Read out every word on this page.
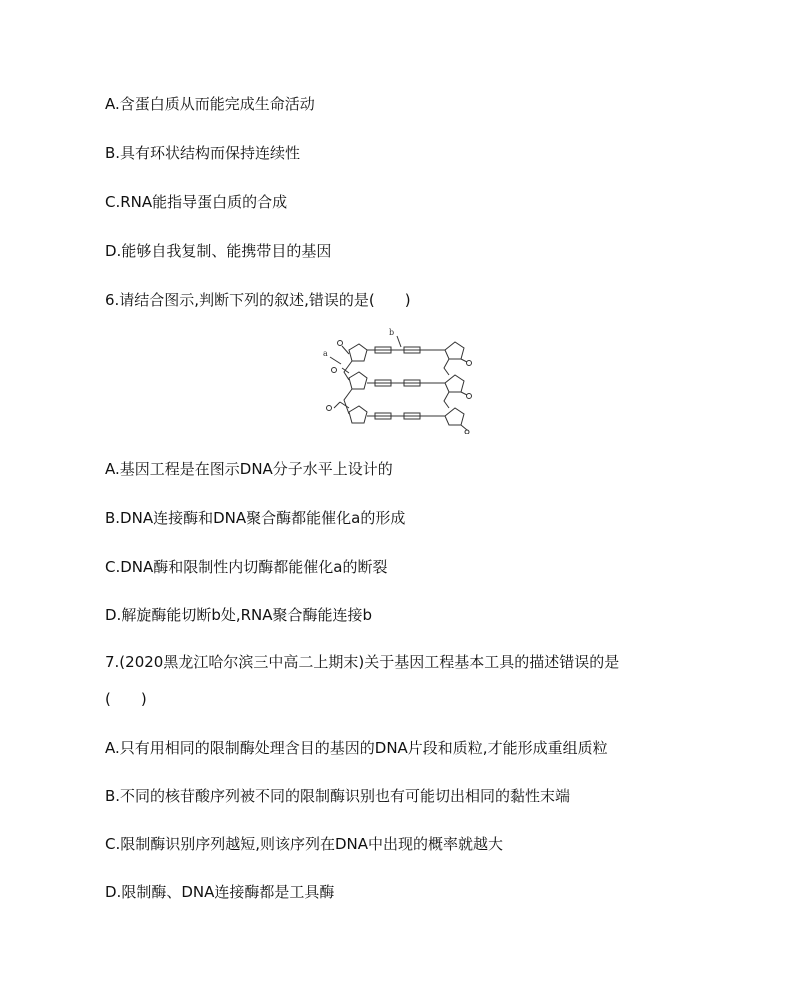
A.含蛋白质从而能完成生命活动
B.具有环状结构而保持连续性
C.RNA能指导蛋白质的合成
D.能够自我复制、能携带目的基因
6.请结合图示,判断下列的叙述,错误的是(　　)
a
b
A.基因工程是在图示DNA分子水平上设计的
B.DNA连接酶和DNA聚合酶都能催化a的形成
C.DNA酶和限制性内切酶都能催化a的断裂
D.解旋酶能切断b处,RNA聚合酶能连接b
7.(2020黑龙江哈尔滨三中高二上期末)关于基因工程基本工具的描述错误的是
(　　)
A.只有用相同的限制酶处理含目的基因的DNA片段和质粒,才能形成重组质粒
B.不同的核苷酸序列被不同的限制酶识别也有可能切出相同的黏性末端
C.限制酶识别序列越短,则该序列在DNA中出现的概率就越大
D.限制酶、DNA连接酶都是工具酶
